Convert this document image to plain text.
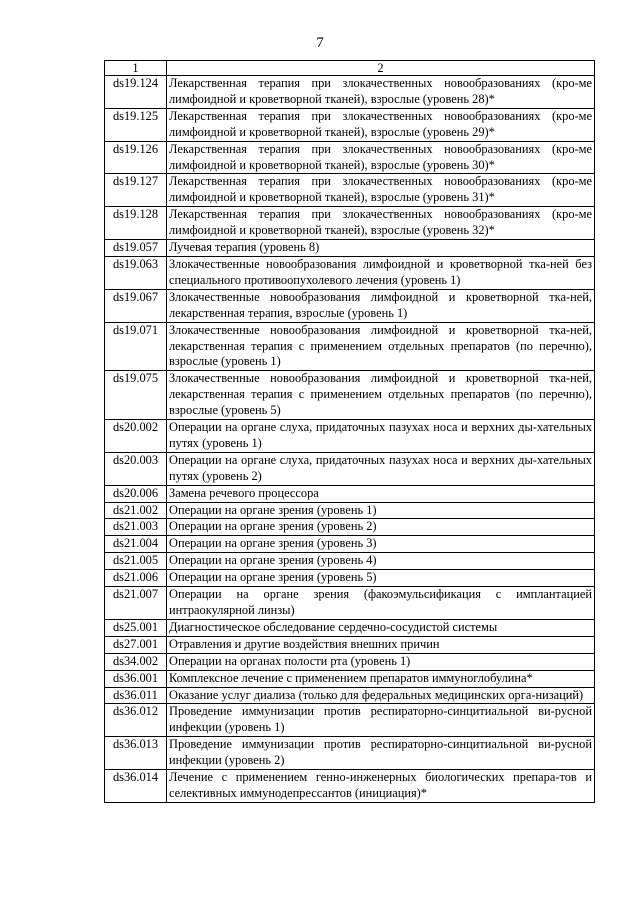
7
1	2
ds19.124	Лекарственная терапия при злокачественных новообразованиях (кро-ме лимфоидной и кроветворной тканей), взрослые (уровень 28)*
ds19.125	Лекарственная терапия при злокачественных новообразованиях (кро-ме лимфоидной и кроветворной тканей), взрослые (уровень 29)*
ds19.126	Лекарственная терапия при злокачественных новообразованиях (кро-ме лимфоидной и кроветворной тканей), взрослые (уровень 30)*
ds19.127	Лекарственная терапия при злокачественных новообразованиях (кро-ме лимфоидной и кроветворной тканей), взрослые (уровень 31)*
ds19.128	Лекарственная терапия при злокачественных новообразованиях (кро-ме лимфоидной и кроветворной тканей), взрослые (уровень 32)*
ds19.057	Лучевая терапия (уровень 8)
ds19.063	Злокачественные новообразования лимфоидной и кроветворной тка-ней без специального противоопухолевого лечения (уровень 1)
ds19.067	Злокачественные новообразования лимфоидной и кроветворной тка-ней, лекарственная терапия, взрослые (уровень 1)
ds19.071	Злокачественные новообразования лимфоидной и кроветворной тка-ней, лекарственная терапия с применением отдельных препаратов (по перечню), взрослые (уровень 1)
ds19.075	Злокачественные новообразования лимфоидной и кроветворной тка-ней, лекарственная терапия с применением отдельных препаратов (по перечню), взрослые (уровень 5)
ds20.002	Операции на органе слуха, придаточных пазухах носа и верхних ды-хательных путях (уровень 1)
ds20.003	Операции на органе слуха, придаточных пазухах носа и верхних ды-хательных путях (уровень 2)
ds20.006	Замена речевого процессора
ds21.002	Операции на органе зрения (уровень 1)
ds21.003	Операции на органе зрения (уровень 2)
ds21.004	Операции на органе зрения (уровень 3)
ds21.005	Операции на органе зрения (уровень 4)
ds21.006	Операции на органе зрения (уровень 5)
ds21.007	Операции на органе зрения (факоэмульсификация с имплантацией интраокулярной линзы)
ds25.001	Диагностическое обследование сердечно-сосудистой системы
ds27.001	Отравления и другие воздействия внешних причин
ds34.002	Операции на органах полости рта (уровень 1)
ds36.001	Комплексное лечение с применением препаратов иммуноглобулина*
ds36.011	Оказание услуг диализа (только для федеральных медицинских орга-низаций)
ds36.012	Проведение иммунизации против респираторно-синцитиальной ви-русной инфекции (уровень 1)
ds36.013	Проведение иммунизации против респираторно-синцитиальной ви-русной инфекции (уровень 2)
ds36.014	Лечение с применением генно-инженерных биологических препара-тов и селективных иммунодепрессантов (инициация)*
